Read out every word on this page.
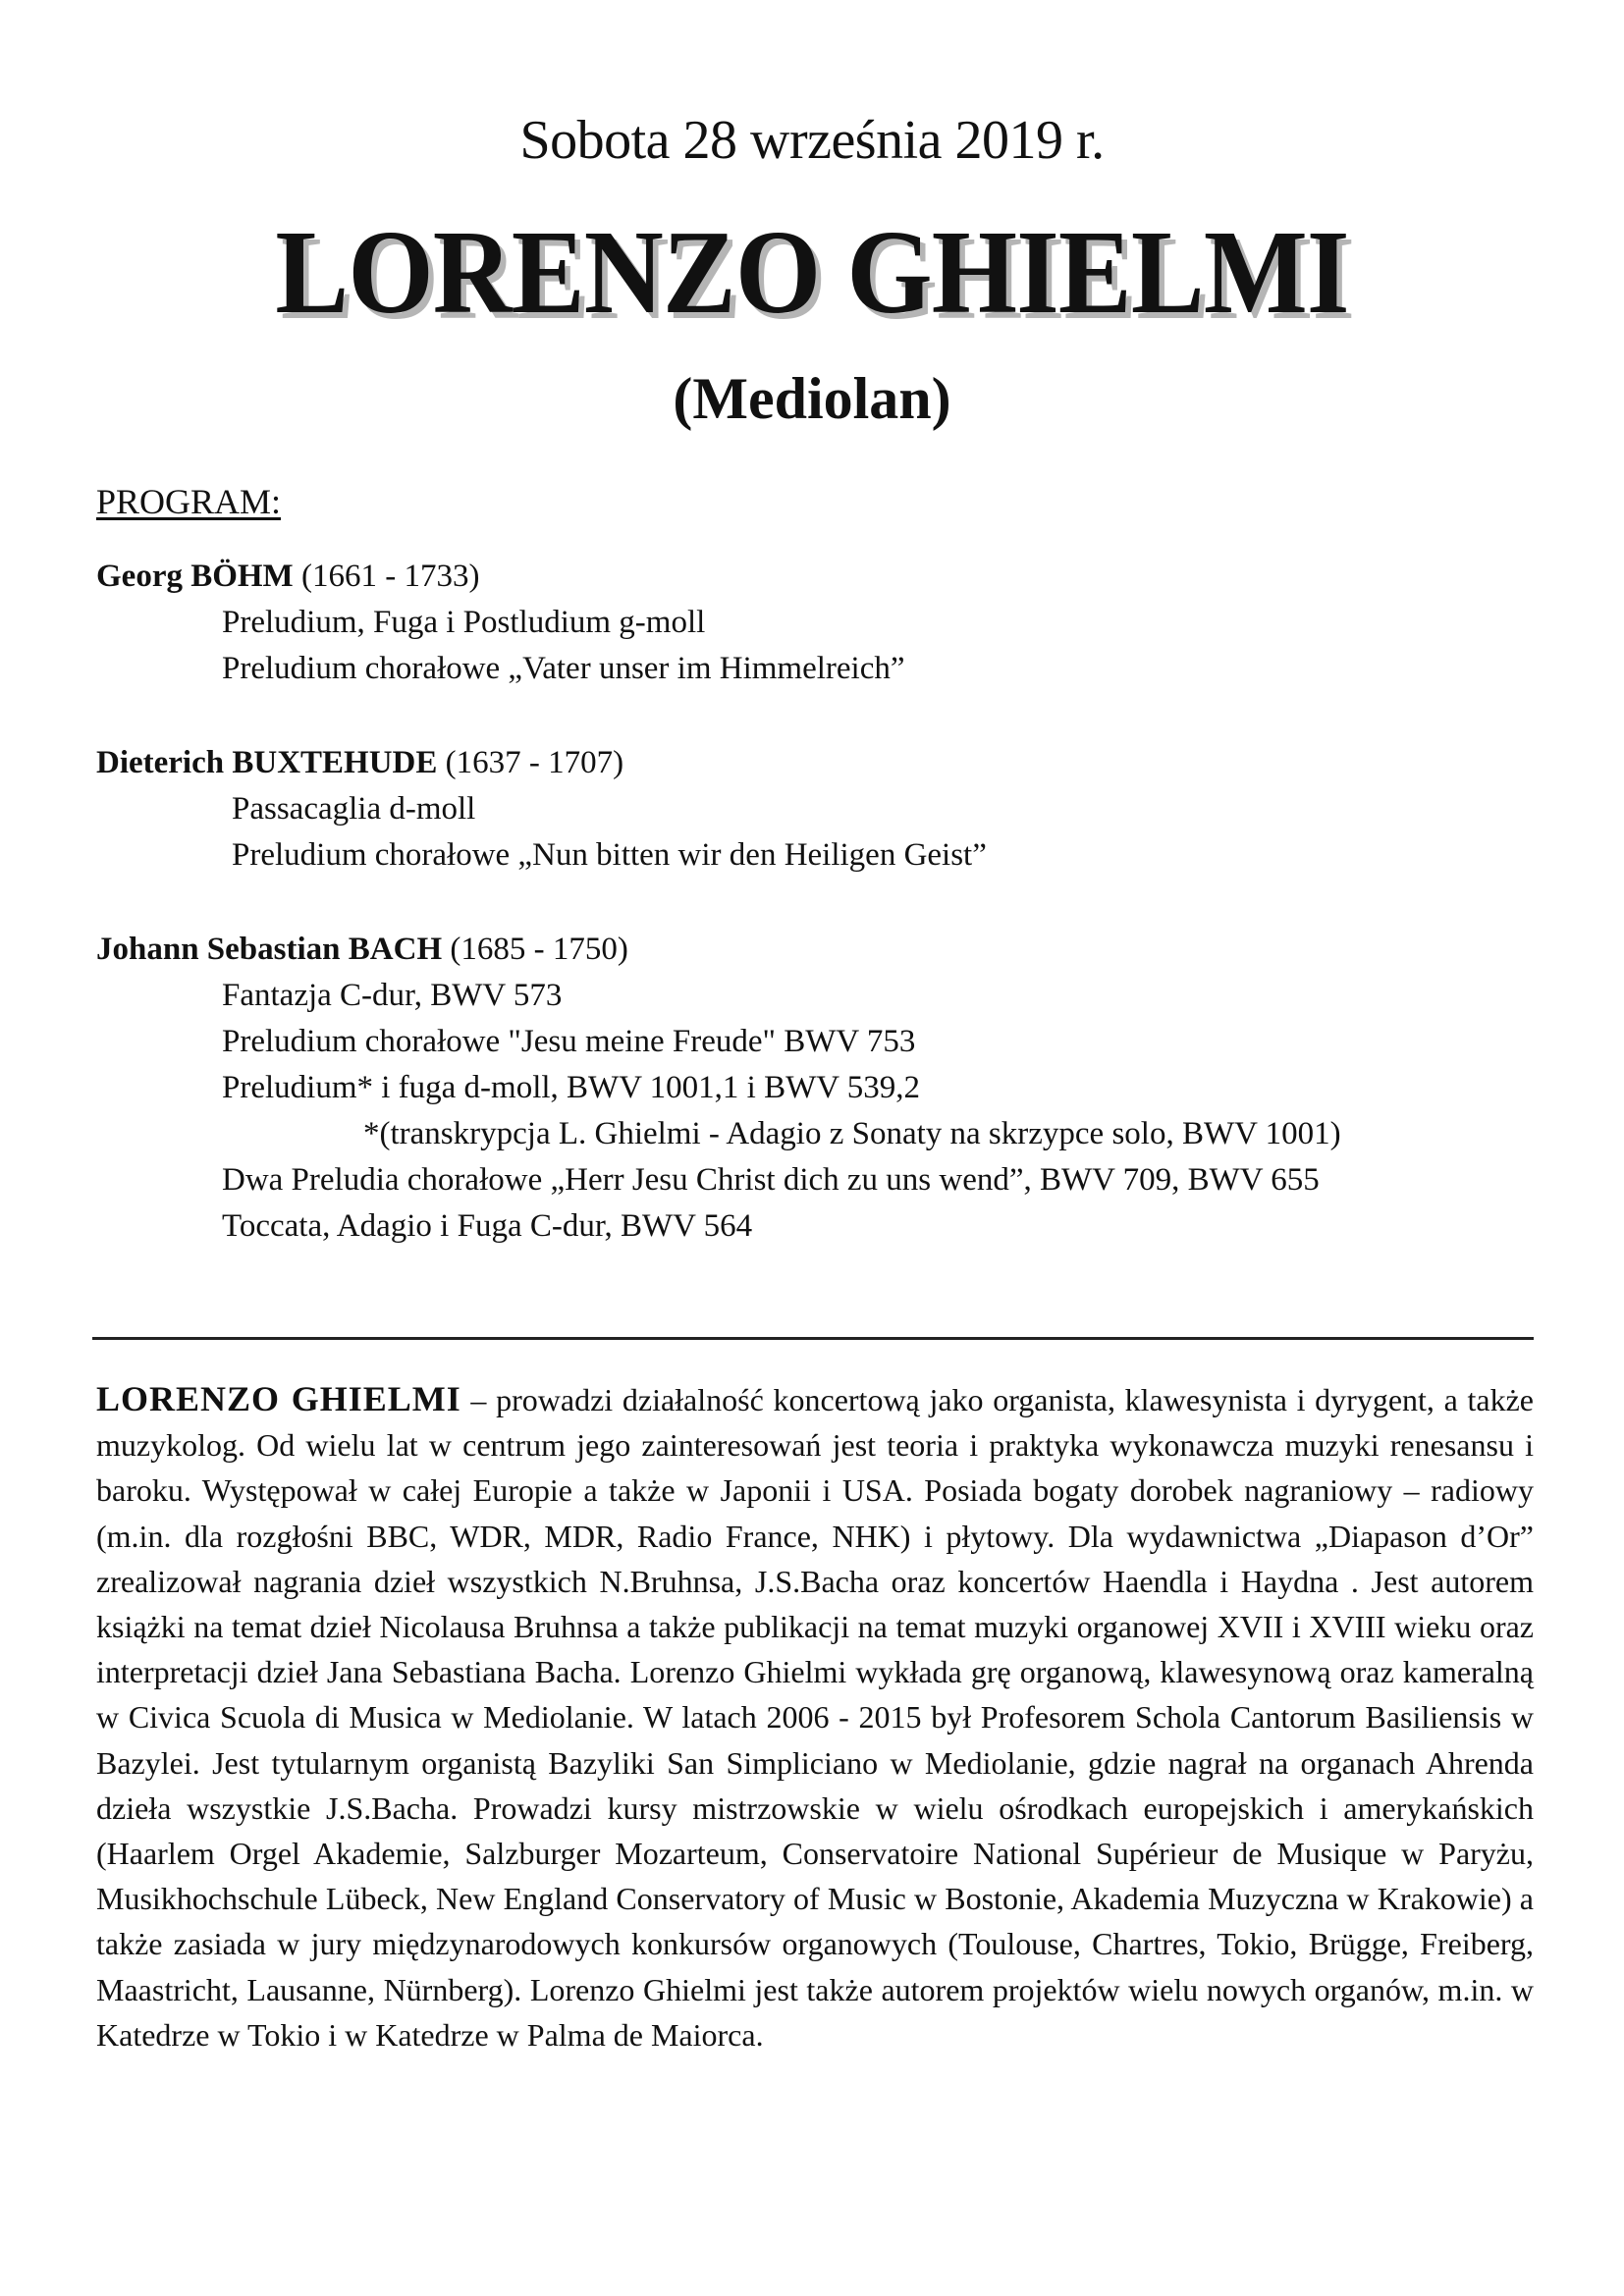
Sobota 28 września 2019 r.
LORENZO GHIELMI
(Mediolan)
PROGRAM:

Georg BÖHM (1661 - 1733)

Preludium, Fuga i Postludium g-moll

Preludium chorałowe „Vater unser im Himmelreich”

Dieterich BUXTEHUDE (1637 - 1707)

Passacaglia d-moll

Preludium chorałowe „Nun bitten wir den Heiligen Geist”

Johann Sebastian BACH (1685 - 1750)

Fantazja C-dur, BWV 573

Preludium chorałowe "Jesu meine Freude" BWV 753

Preludium* i fuga d-moll, BWV 1001,1 i BWV 539,2

*(transkrypcja L. Ghielmi - Adagio z Sonaty na skrzypce solo, BWV 1001)

Dwa Preludia chorałowe „Herr Jesu Christ dich zu uns wend”, BWV 709, BWV 655

Toccata, Adagio i Fuga C-dur, BWV 564

LORENZO GHIELMI – prowadzi działalność koncertową jako organista, klawesynista i dyrygent, a także muzykolog. Od wielu lat w centrum jego zainteresowań jest teoria i praktyka wykonawcza muzyki renesansu i baroku. Występował w całej Europie a także w Japonii i USA. Posiada bogaty dorobek nagraniowy – radiowy (m.in. dla rozgłośni BBC, WDR, MDR, Radio France, NHK) i płytowy. Dla wydawnictwa „Diapason d’Or” zrealizował nagrania dzieł wszystkich N.Bruhnsa, J.S.Bacha oraz koncertów Haendla i Haydna . Jest autorem książki na temat dzieł Nicolausa Bruhnsa a także publikacji na temat muzyki organowej XVII i XVIII wieku oraz interpretacji dzieł Jana Sebastiana Bacha. Lorenzo Ghielmi wykłada grę organową, klawesynową oraz kameralną w Civica Scuola di Musica w Mediolanie. W latach 2006 - 2015 był Profesorem Schola Cantorum Basiliensis w Bazylei. Jest tytularnym organistą Bazyliki San Simpliciano w Mediolanie, gdzie nagrał na organach Ahrenda dzieła wszystkie J.S.Bacha. Prowadzi kursy mistrzowskie w wielu ośrodkach europejskich i amerykańskich (Haarlem Orgel Akademie, Salzburger Mozarteum, Conservatoire National Supérieur de Musique w Paryżu, Musikhochschule Lübeck, New England Conservatory of Music w Bostonie, Akademia Muzyczna w Krakowie) a także zasiada w jury międzynarodowych konkursów organowych (Toulouse, Chartres, Tokio, Brügge, Freiberg, Maastricht, Lausanne, Nürnberg). Lorenzo Ghielmi jest także autorem projektów wielu nowych organów, m.in. w Katedrze w Tokio i w Katedrze w Palma de Maiorca.
